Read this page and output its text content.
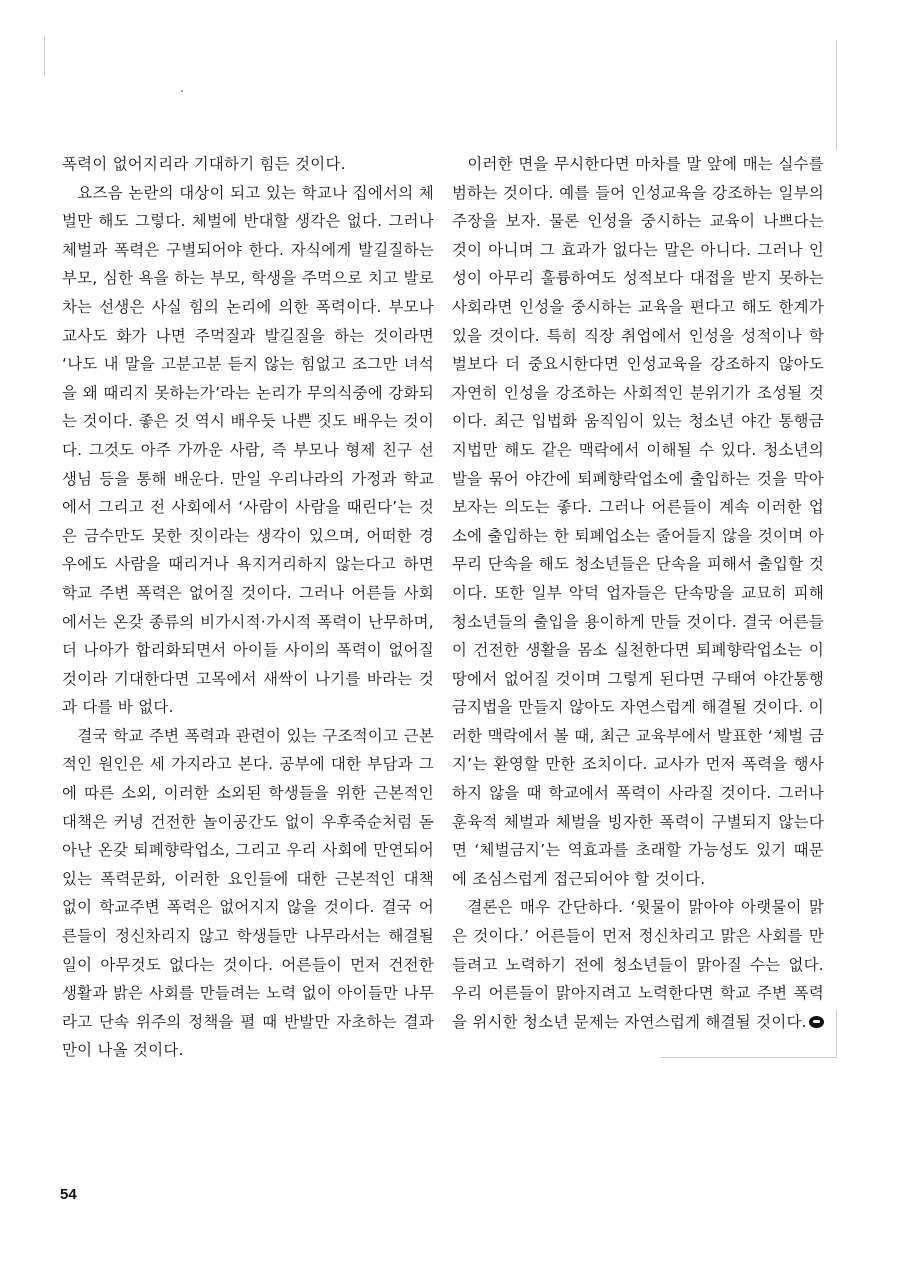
폭력이 없어지리라 기대하기 힘든 것이다.

요즈음 논란의 대상이 되고 있는 학교나 집에서의 체벌만 해도 그렇다. 체벌에 반대할 생각은 없다. 그러나 체벌과 폭력은 구별되어야 한다. 자식에게 발길질하는 부모, 심한 욕을 하는 부모, 학생을 주먹으로 치고 발로 차는 선생은 사실 힘의 논리에 의한 폭력이다. 부모나 교사도 화가 나면 주먹질과 발길질을 하는 것이라면 ‘나도 내 말을 고분고분 듣지 않는 힘없고 조그만 녀석을 왜 때리지 못하는가’라는 논리가 무의식중에 강화되는 것이다. 좋은 것 역시 배우듯 나쁜 짓도 배우는 것이다. 그것도 아주 가까운 사람, 즉 부모나 형제 친구 선생님 등을 통해 배운다. 만일 우리나라의 가정과 학교에서 그리고 전 사회에서 ‘사람이 사람을 때린다’는 것은 금수만도 못한 짓이라는 생각이 있으며, 어떠한 경우에도 사람을 때리거나 욕지거리하지 않는다고 하면 학교 주변 폭력은 없어질 것이다. 그러나 어른들 사회에서는 온갖 종류의 비가시적·가시적 폭력이 난무하며, 더 나아가 합리화되면서 아이들 사이의 폭력이 없어질 것이라 기대한다면 고목에서 새싹이 나기를 바라는 것과 다를 바 없다.

결국 학교 주변 폭력과 관련이 있는 구조적이고 근본적인 원인은 세 가지라고 본다. 공부에 대한 부담과 그에 따른 소외, 이러한 소외된 학생들을 위한 근본적인 대책은 커녕 건전한 놀이공간도 없이 우후죽순처럼 돋아난 온갖 퇴폐향락업소, 그리고 우리 사회에 만연되어 있는 폭력문화, 이러한 요인들에 대한 근본적인 대책 없이 학교주변 폭력은 없어지지 않을 것이다. 결국 어른들이 정신차리지 않고 학생들만 나무라서는 해결될 일이 아무것도 없다는 것이다. 어른들이 먼저 건전한 생활과 밝은 사회를 만들려는 노력 없이 아이들만 나무라고 단속 위주의 정책을 펼 때 반발만 자초하는 결과만이 나올 것이다.

이러한 면을 무시한다면 마차를 말 앞에 매는 실수를 범하는 것이다. 예를 들어 인성교육을 강조하는 일부의 주장을 보자. 물론 인성을 중시하는 교육이 나쁘다는 것이 아니며 그 효과가 없다는 말은 아니다. 그러나 인성이 아무리 훌륭하여도 성적보다 대접을 받지 못하는 사회라면 인성을 중시하는 교육을 편다고 해도 한계가 있을 것이다. 특히 직장 취업에서 인성을 성적이나 학벌보다 더 중요시한다면 인성교육을 강조하지 않아도 자연히 인성을 강조하는 사회적인 분위기가 조성될 것이다. 최근 입법화 움직임이 있는 청소년 야간 통행금지법만 해도 같은 맥락에서 이해될 수 있다. 청소년의 발을 묶어 야간에 퇴폐향락업소에 출입하는 것을 막아보자는 의도는 좋다. 그러나 어른들이 계속 이러한 업소에 출입하는 한 퇴폐업소는 줄어들지 않을 것이며 아무리 단속을 해도 청소년들은 단속을 피해서 출입할 것이다. 또한 일부 악덕 업자들은 단속망을 교묘히 피해 청소년들의 출입을 용이하게 만들 것이다. 결국 어른들이 건전한 생활을 몸소 실천한다면 퇴폐향락업소는 이 땅에서 없어질 것이며 그렇게 된다면 구태여 야간통행금지법을 만들지 않아도 자연스럽게 해결될 것이다. 이러한 맥락에서 볼 때, 최근 교육부에서 발표한 ‘체벌 금지’는 환영할 만한 조치이다. 교사가 먼저 폭력을 행사하지 않을 때 학교에서 폭력이 사라질 것이다. 그러나 훈육적 체벌과 체벌을 빙자한 폭력이 구별되지 않는다면 ‘체벌금지’는 역효과를 초래할 가능성도 있기 때문에 조심스럽게 접근되어야 할 것이다.

결론은 매우 간단하다. ‘윗물이 맑아야 아랫물이 맑은 것이다.’ 어른들이 먼저 정신차리고 맑은 사회를 만들려고 노력하기 전에 청소년들이 맑아질 수는 없다. 우리 어른들이 맑아지려고 노력한다면 학교 주변 폭력을 위시한 청소년 문제는 자연스럽게 해결될 것이다.

54
